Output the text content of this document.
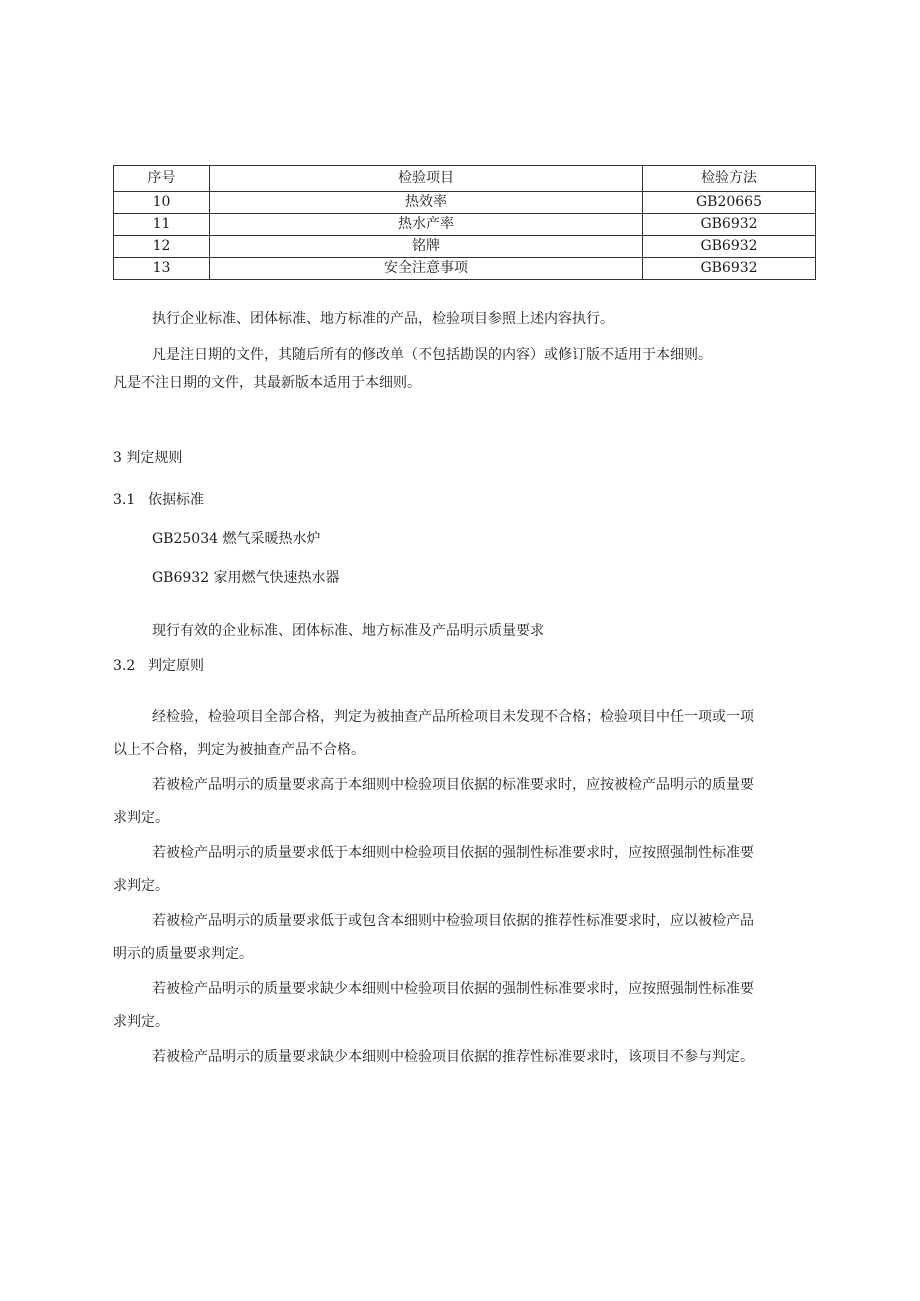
序号	检验项目	检验方法
10	热效率	GB20665
11	热水产率	GB6932
12	铭牌	GB6932
13	安全注意事项	GB6932
执行企业标准、团体标准、地方标准的产品，检验项目参照上述内容执行。
凡是注日期的文件，其随后所有的修改单（不包括勘误的内容）或修订版不适用于本细则。
凡是不注日期的文件，其最新版本适用于本细则。
3 判定规则
3.1 依据标准
GB25034 燃气采暖热水炉
GB6932 家用燃气快速热水器
现行有效的企业标准、团体标准、地方标准及产品明示质量要求
3.2 判定原则
经检验，检验项目全部合格，判定为被抽查产品所检项目未发现不合格；检验项目中任一项或一项
以上不合格，判定为被抽查产品不合格。
若被检产品明示的质量要求高于本细则中检验项目依据的标准要求时，应按被检产品明示的质量要
求判定。
若被检产品明示的质量要求低于本细则中检验项目依据的强制性标准要求时，应按照强制性标准要
求判定。
若被检产品明示的质量要求低于或包含本细则中检验项目依据的推荐性标准要求时，应以被检产品
明示的质量要求判定。
若被检产品明示的质量要求缺少本细则中检验项目依据的强制性标准要求时，应按照强制性标准要
求判定。
若被检产品明示的质量要求缺少本细则中检验项目依据的推荐性标准要求时，该项目不参与判定。
